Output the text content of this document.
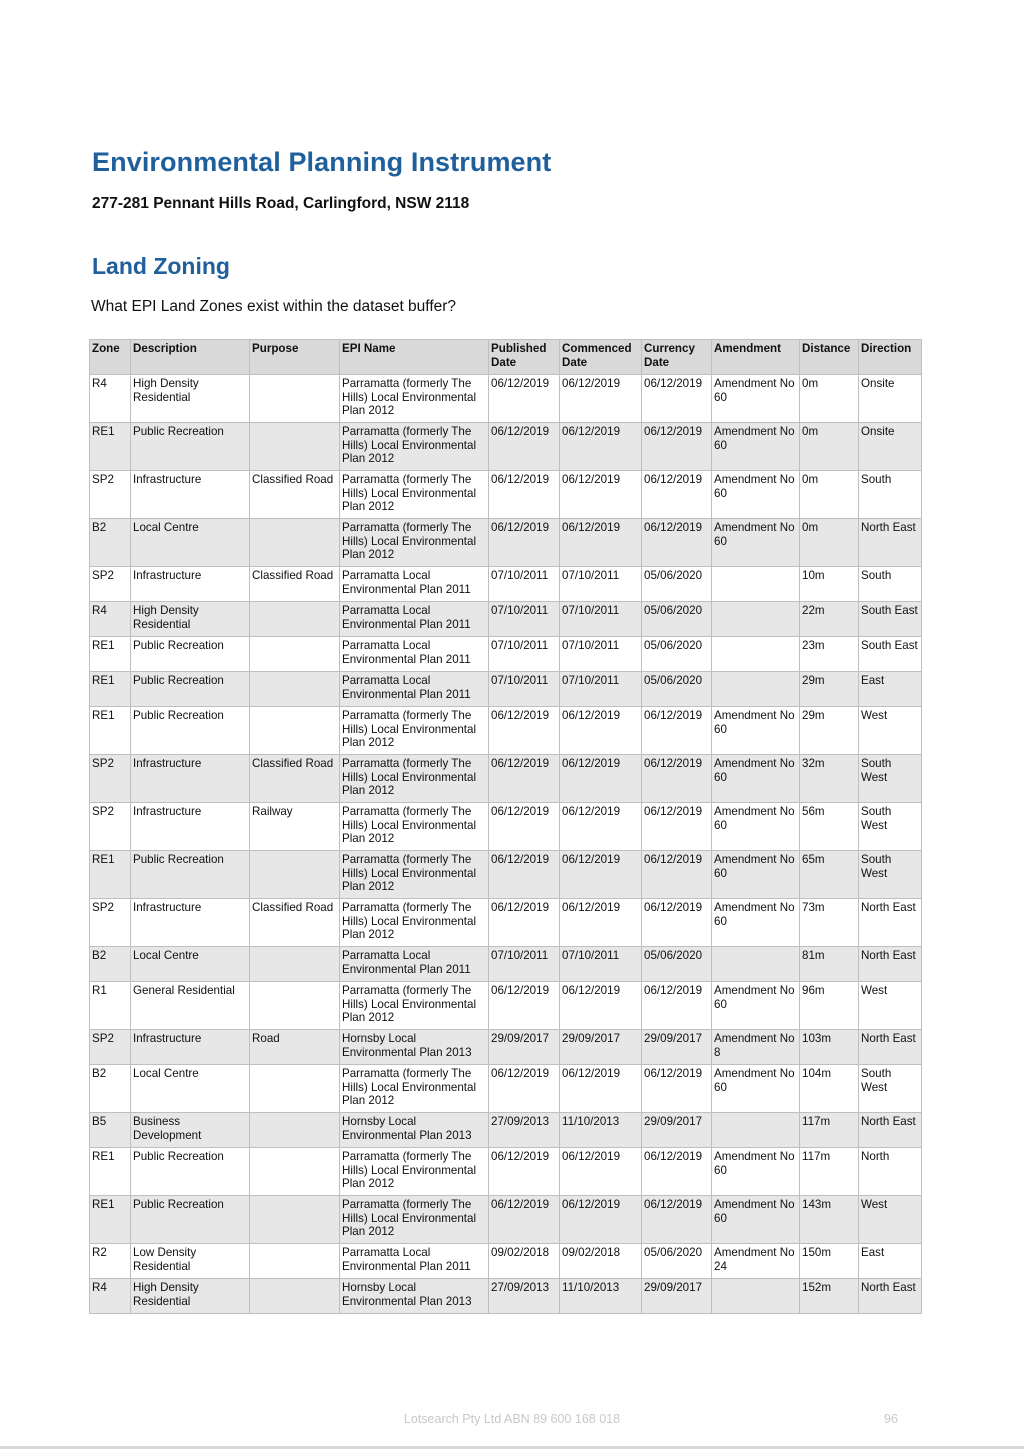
Environmental Planning Instrument

277-281 Pennant Hills Road, Carlingford, NSW 2118

Land Zoning

What EPI Land Zones exist within the dataset buffer?

Zone	Description	Purpose	EPI Name	Published Date	Commenced Date	Currency Date	Amendment	Distance	Direction
R4	High Density Residential		Parramatta (formerly The Hills) Local Environmental Plan 2012	06/12/2019	06/12/2019	06/12/2019	Amendment No 60	0m	Onsite
RE1	Public Recreation		Parramatta (formerly The Hills) Local Environmental Plan 2012	06/12/2019	06/12/2019	06/12/2019	Amendment No 60	0m	Onsite
SP2	Infrastructure	Classified Road	Parramatta (formerly The Hills) Local Environmental Plan 2012	06/12/2019	06/12/2019	06/12/2019	Amendment No 60	0m	South
B2	Local Centre		Parramatta (formerly The Hills) Local Environmental Plan 2012	06/12/2019	06/12/2019	06/12/2019	Amendment No 60	0m	North East
SP2	Infrastructure	Classified Road	Parramatta Local Environmental Plan 2011	07/10/2011	07/10/2011	05/06/2020		10m	South
R4	High Density Residential		Parramatta Local Environmental Plan 2011	07/10/2011	07/10/2011	05/06/2020		22m	South East
RE1	Public Recreation		Parramatta Local Environmental Plan 2011	07/10/2011	07/10/2011	05/06/2020		23m	South East
RE1	Public Recreation		Parramatta Local Environmental Plan 2011	07/10/2011	07/10/2011	05/06/2020		29m	East
RE1	Public Recreation		Parramatta (formerly The Hills) Local Environmental Plan 2012	06/12/2019	06/12/2019	06/12/2019	Amendment No 60	29m	West
SP2	Infrastructure	Classified Road	Parramatta (formerly The Hills) Local Environmental Plan 2012	06/12/2019	06/12/2019	06/12/2019	Amendment No 60	32m	South West
SP2	Infrastructure	Railway	Parramatta (formerly The Hills) Local Environmental Plan 2012	06/12/2019	06/12/2019	06/12/2019	Amendment No 60	56m	South West
RE1	Public Recreation		Parramatta (formerly The Hills) Local Environmental Plan 2012	06/12/2019	06/12/2019	06/12/2019	Amendment No 60	65m	South West
SP2	Infrastructure	Classified Road	Parramatta (formerly The Hills) Local Environmental Plan 2012	06/12/2019	06/12/2019	06/12/2019	Amendment No 60	73m	North East
B2	Local Centre		Parramatta Local Environmental Plan 2011	07/10/2011	07/10/2011	05/06/2020		81m	North East
R1	General Residential		Parramatta (formerly The Hills) Local Environmental Plan 2012	06/12/2019	06/12/2019	06/12/2019	Amendment No 60	96m	West
SP2	Infrastructure	Road	Hornsby Local Environmental Plan 2013	29/09/2017	29/09/2017	29/09/2017	Amendment No 8	103m	North East
B2	Local Centre		Parramatta (formerly The Hills) Local Environmental Plan 2012	06/12/2019	06/12/2019	06/12/2019	Amendment No 60	104m	South West
B5	Business Development		Hornsby Local Environmental Plan 2013	27/09/2013	11/10/2013	29/09/2017		117m	North East
RE1	Public Recreation		Parramatta (formerly The Hills) Local Environmental Plan 2012	06/12/2019	06/12/2019	06/12/2019	Amendment No 60	117m	North
RE1	Public Recreation		Parramatta (formerly The Hills) Local Environmental Plan 2012	06/12/2019	06/12/2019	06/12/2019	Amendment No 60	143m	West
R2	Low Density Residential		Parramatta Local Environmental Plan 2011	09/02/2018	09/02/2018	05/06/2020	Amendment No 24	150m	East
R4	High Density Residential		Hornsby Local Environmental Plan 2013	27/09/2013	11/10/2013	29/09/2017		152m	North East
Lotsearch Pty Ltd ABN 89 600 168 018	96
